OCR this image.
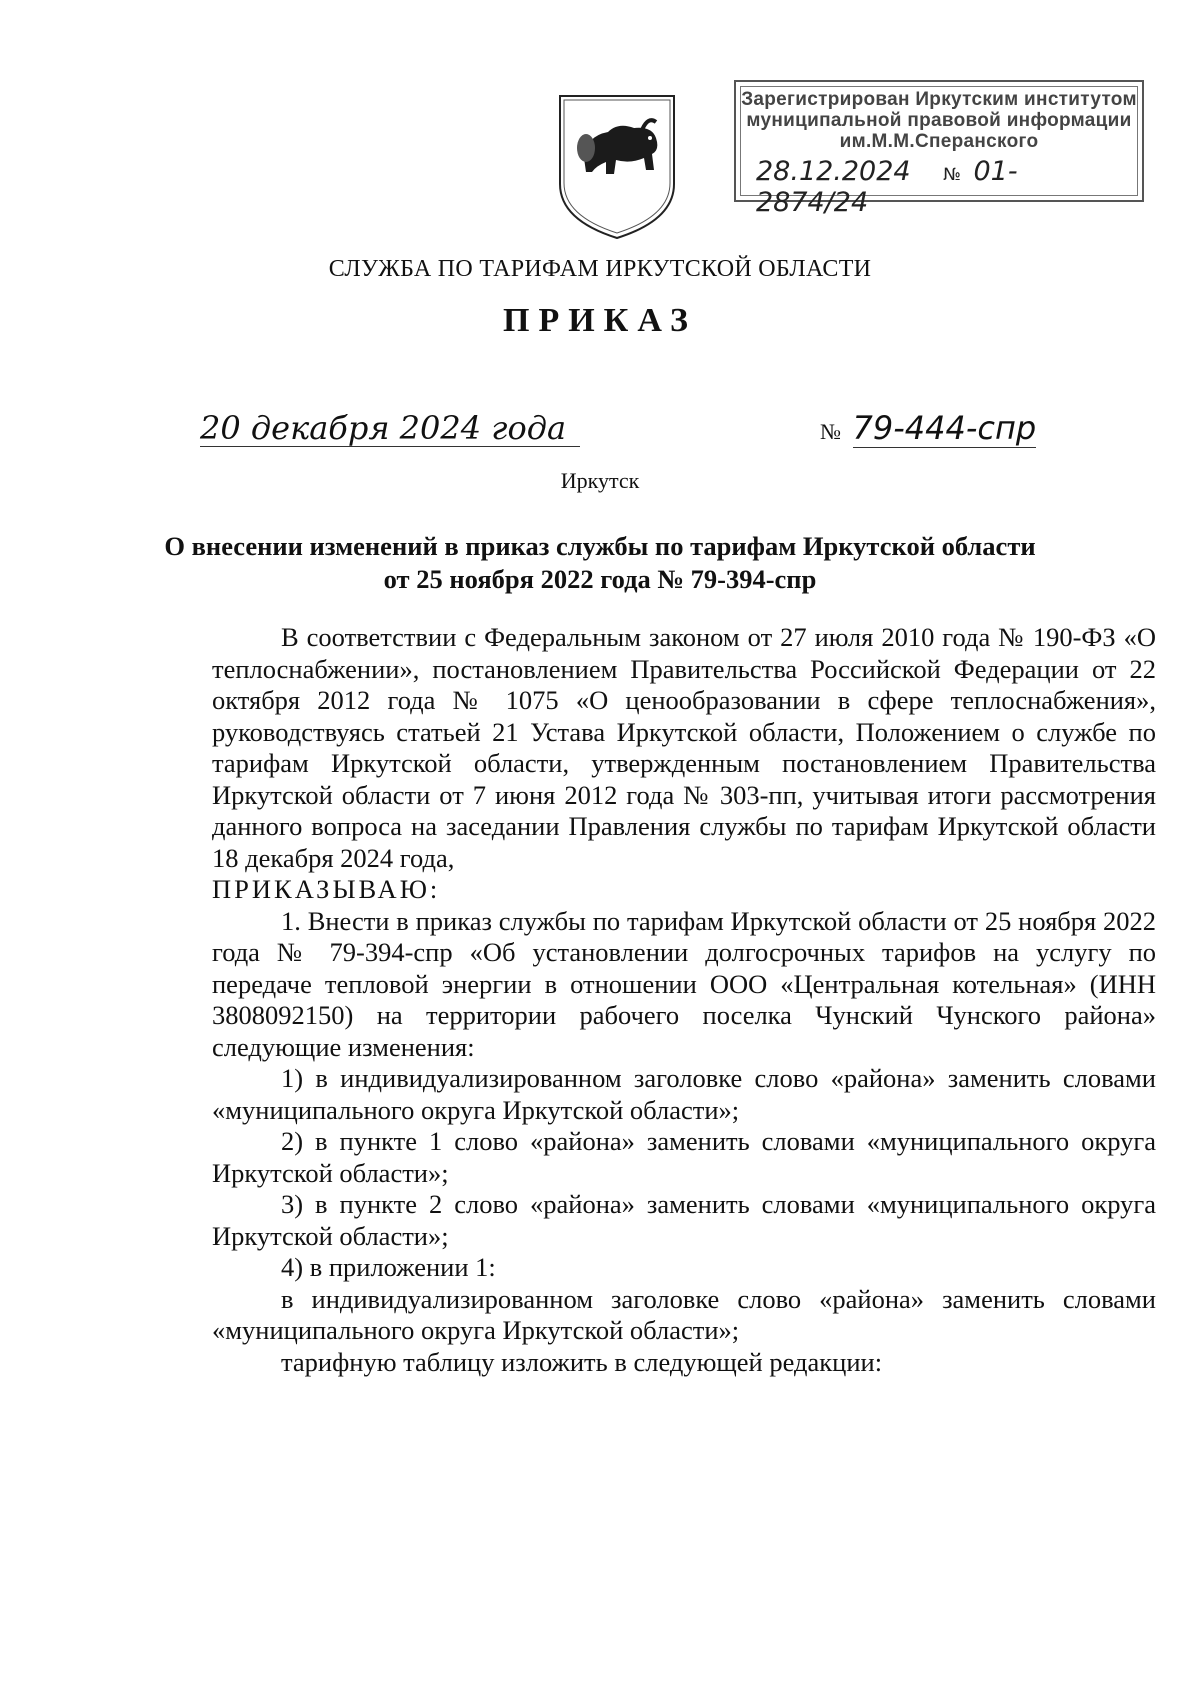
Зарегистрирован Иркутским институтом
муниципальной правовой информации
им.М.М.Сперанского
28.12.2024 № 01-2874/24
СЛУЖБА ПО ТАРИФАМ ИРКУТСКОЙ ОБЛАСТИ
ПРИКАЗ
20 декабря 2024 года	№ 79-444-спр
Иркутск
О внесении изменений в приказ службы по тарифам Иркутской области
от 25 ноября 2022 года № 79-394-спр

В соответствии с Федеральным законом от 27 июля 2010 года № 190-ФЗ «О теплоснабжении», постановлением Правительства Российской Федерации от 22 октября 2012 года № 1075 «О ценообразовании в сфере теплоснабжения», руководствуясь статьей 21 Устава Иркутской области, Положением о службе по тарифам Иркутской области, утвержденным постановлением Правительства Иркутской области от 7 июня 2012 года № 303-пп, учитывая итоги рассмотрения данного вопроса на заседании Правления службы по тарифам Иркутской области 18 декабря 2024 года,

ПРИКАЗЫВАЮ:

1. Внести в приказ службы по тарифам Иркутской области от 25 ноября 2022 года № 79-394-спр «Об установлении долгосрочных тарифов на услугу по передаче тепловой энергии в отношении ООО «Центральная котельная» (ИНН 3808092150) на территории рабочего поселка Чунский Чунского района» следующие изменения:

1) в индивидуализированном заголовке слово «района» заменить словами «муниципального округа Иркутской области»;

2) в пункте 1 слово «района» заменить словами «муниципального округа Иркутской области»;

3) в пункте 2 слово «района» заменить словами «муниципального округа Иркутской области»;

4) в приложении 1:

в индивидуализированном заголовке слово «района» заменить словами «муниципального округа Иркутской области»;

тарифную таблицу изложить в следующей редакции:
